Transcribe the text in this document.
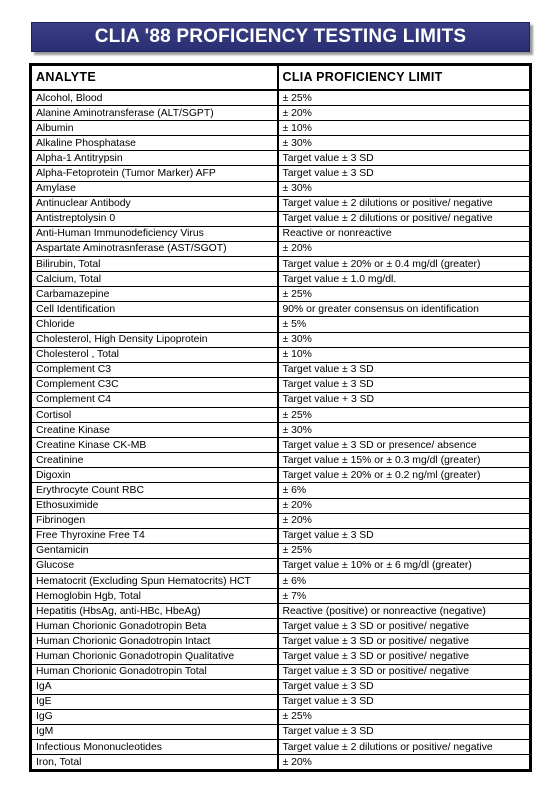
CLIA '88 PROFICIENCY TESTING LIMITS
ANALYTE	CLIA PROFICIENCY LIMIT
Alcohol, Blood	± 25%
Alanine Aminotransferase (ALT/SGPT)	± 20%
Albumin	± 10%
Alkaline Phosphatase	± 30%
Alpha-1 Antitrypsin	Target value ± 3 SD
Alpha-Fetoprotein (Tumor Marker) AFP	Target value ± 3 SD
Amylase	± 30%
Antinuclear Antibody	Target value ± 2 dilutions or positive/ negative
Antistreptolysin 0	Target value ± 2 dilutions or positive/ negative
Anti-Human Immunodeficiency Virus	Reactive or nonreactive
Aspartate Aminotrasnferase (AST/SGOT)	± 20%
Bilirubin, Total	Target value ± 20% or ± 0.4 mg/dl (greater)
Calcium, Total	Target value ± 1.0 mg/dl.
Carbamazepine	± 25%
Cell Identification	90% or greater consensus on identification
Chloride	± 5%
Cholesterol, High Density Lipoprotein	± 30%
Cholesterol , Total	± 10%
Complement C3	Target value ± 3 SD
Complement C3C	Target value ± 3 SD
Complement C4	Target value + 3 SD
Cortisol	± 25%
Creatine Kinase	± 30%
Creatine Kinase CK-MB	Target value ± 3 SD or presence/ absence
Creatinine	Target value ± 15% or ± 0.3 mg/dl (greater)
Digoxin	Target value ± 20% or ± 0.2 ng/ml (greater)
Erythrocyte Count RBC	± 6%
Ethosuximide	± 20%
Fibrinogen	± 20%
Free Thyroxine Free T4	Target value ± 3 SD
Gentamicin	± 25%
Glucose	Target value ± 10% or ± 6 mg/dl (greater)
Hematocrit (Excluding Spun Hematocrits) HCT	± 6%
Hemoglobin Hgb, Total	± 7%
Hepatitis (HbsAg, anti-HBc, HbeAg)	Reactive (positive) or nonreactive (negative)
Human Chorionic Gonadotropin Beta	Target value ± 3 SD or positive/ negative
Human Chorionic Gonadotropin Intact	Target value ± 3 SD or positive/ negative
Human Chorionic Gonadotropin Qualitative	Target value ± 3 SD or positive/ negative
Human Chorionic Gonadotropin Total	Target value ± 3 SD or positive/ negative
IgA	Target value ± 3 SD
IgE	Target value ± 3 SD
IgG	± 25%
IgM	Target value ± 3 SD
Infectious Mononucleotides	Target value ± 2 dilutions or positive/ negative
Iron, Total	± 20%
